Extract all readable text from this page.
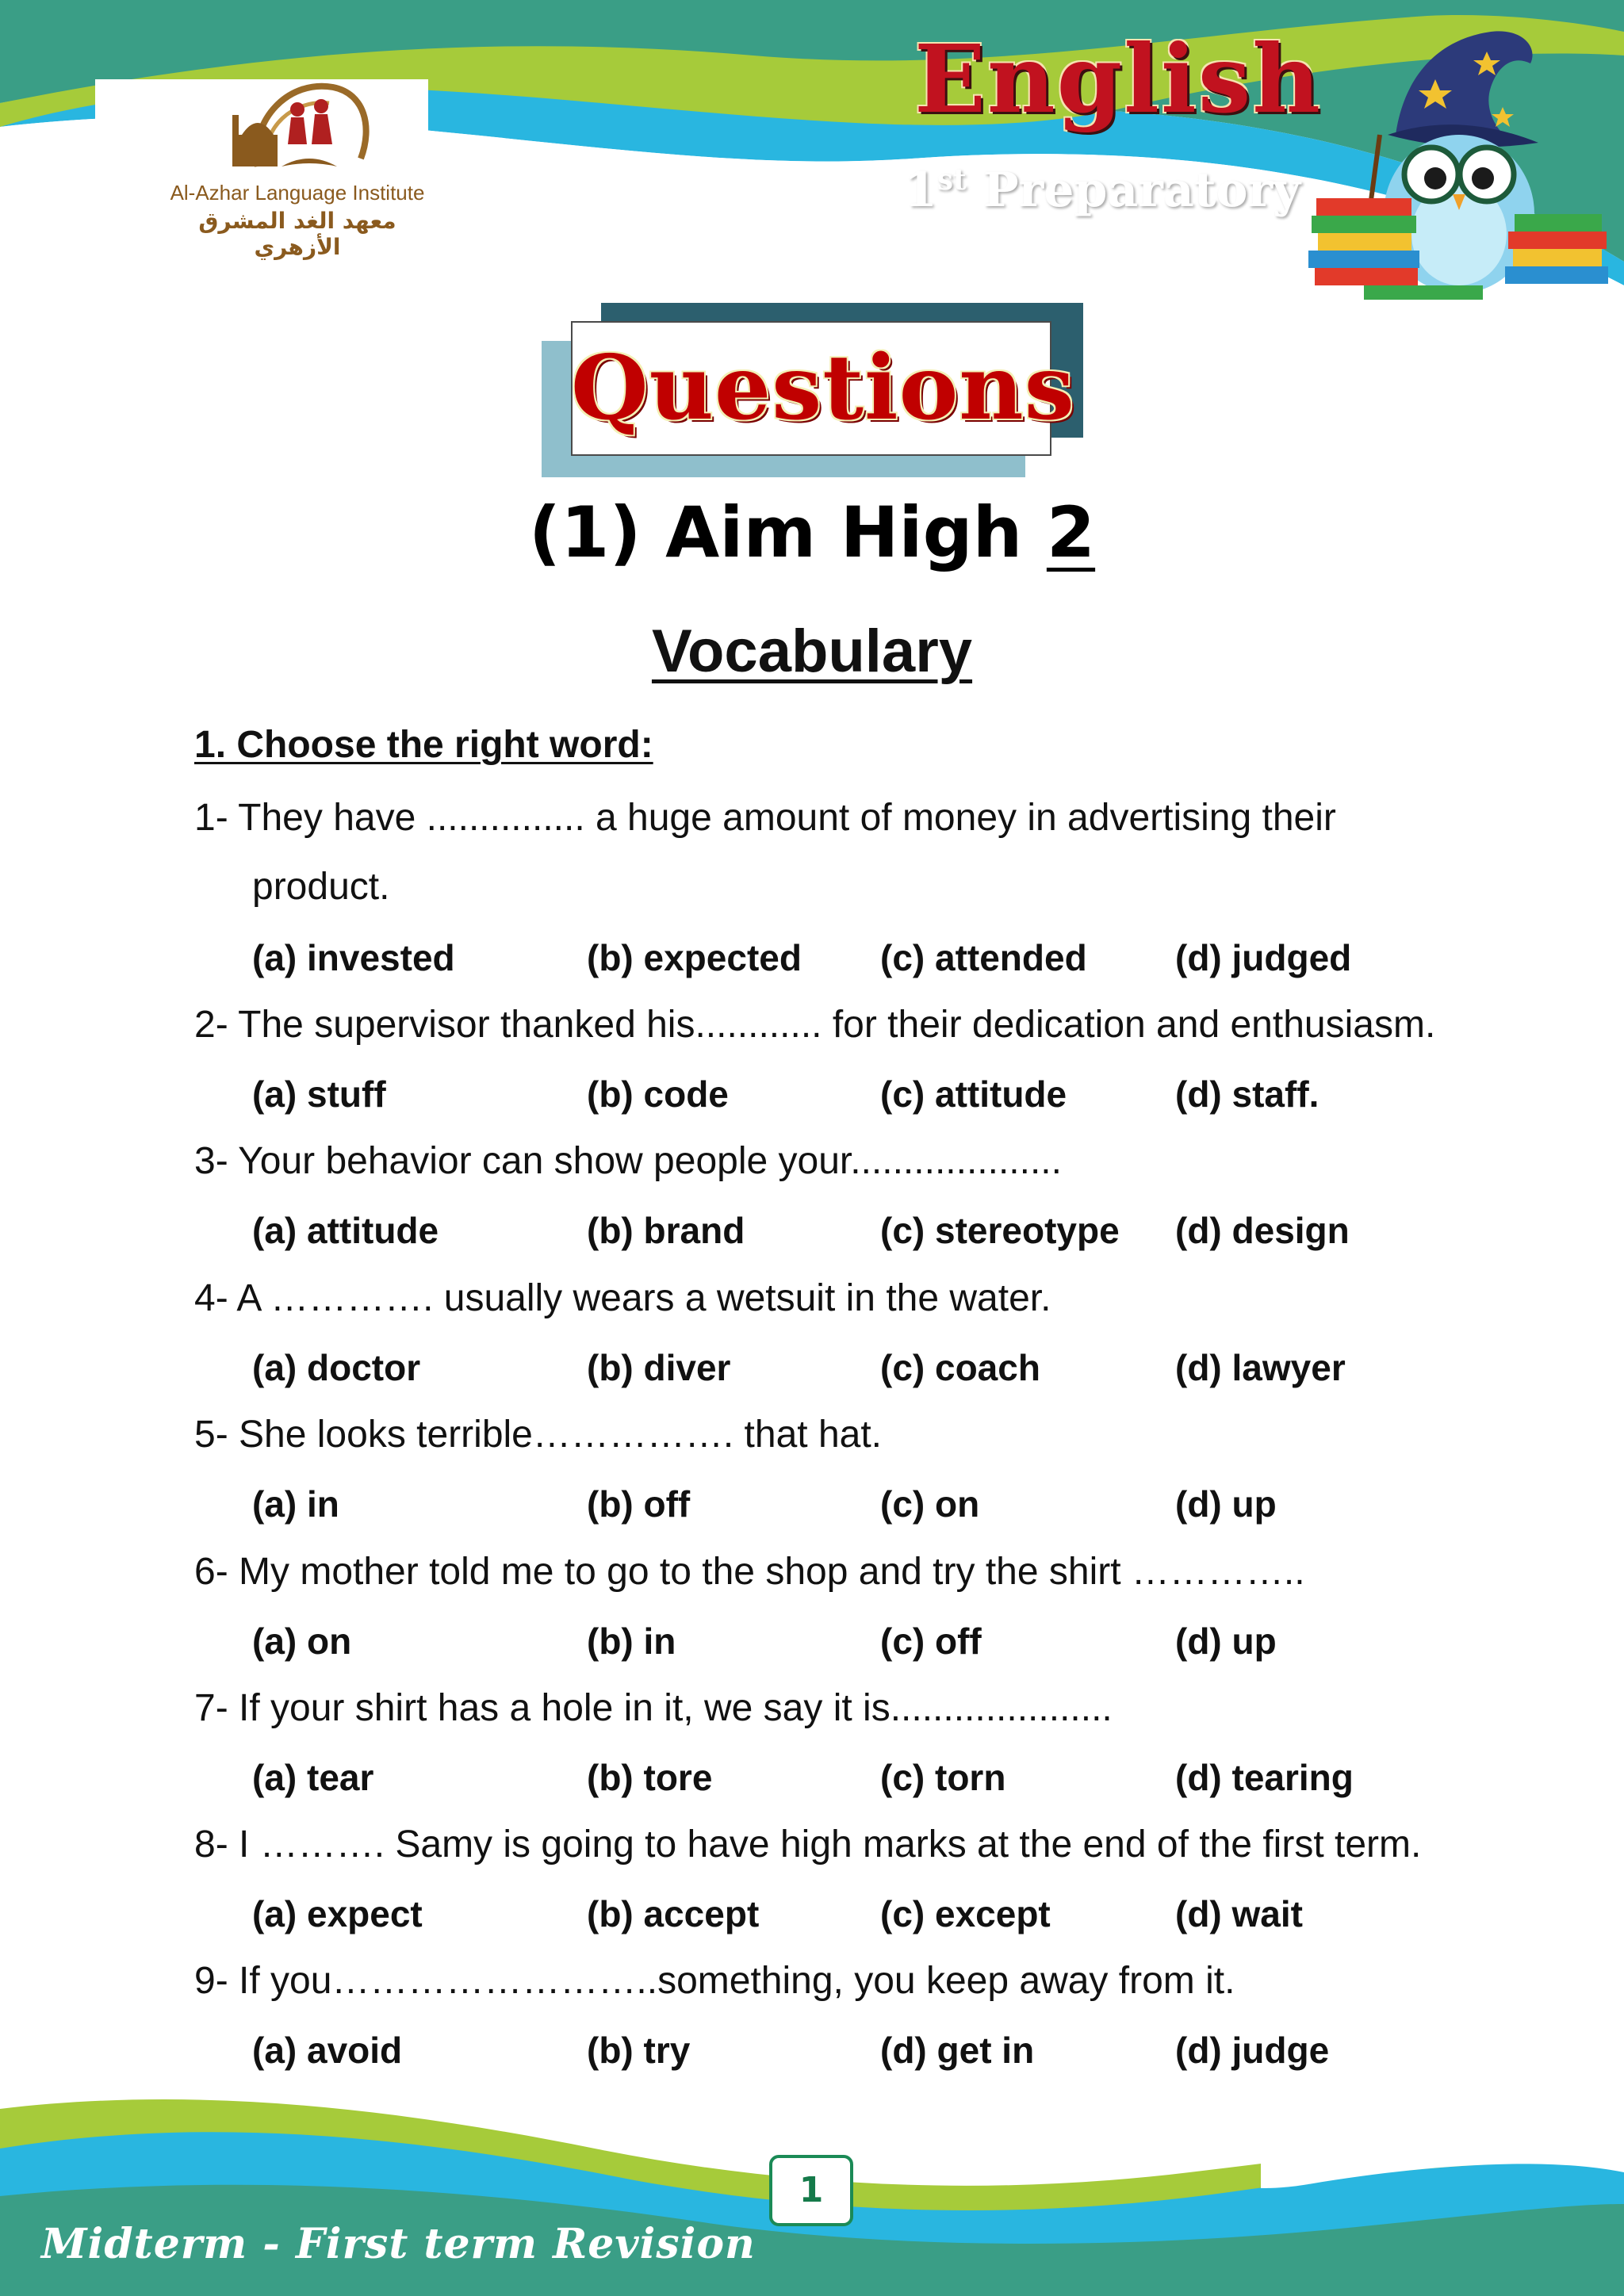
Al-Azhar Language Institute
معهد الغد المشرق الأزهري
English
1st Preparatory
Questions
(1) Aim High 2
Vocabulary
1. Choose the right word:
1- They have ............... a huge amount of money in advertising their
product.
(a) invested	(b) expected (c) attended (d) judged
2- The supervisor thanked his............ for their dedication and enthusiasm.
(a) stuff	(b) code	(c) attitude	(d) staff.
3- Your behavior can show people your....................
(a) attitude	(b) brand	(c) stereotype (d) design
4- A …………. usually wears a wetsuit in the water.
(a) doctor	(b) diver	(c) coach	(d) lawyer
5- She looks terrible……………. that hat.
(a) in	(b) off	(c) on	(d) up
6- My mother told me to go to the shop and try the shirt …………..
(a) on	(b) in	(c) off	(d) up
7- If your shirt has a hole in it, we say it is.....................
(a) tear	(b) tore	(c) torn	(d) tearing
8- I ………. Samy is going to have high marks at the end of the first term.
(a) expect	(b) accept	(c) except	(d) wait
9- If you……………………..something, you keep away from it.
(a) avoid	(b) try	(d) get in	(d) judge
1
Midterm - First term Revision
